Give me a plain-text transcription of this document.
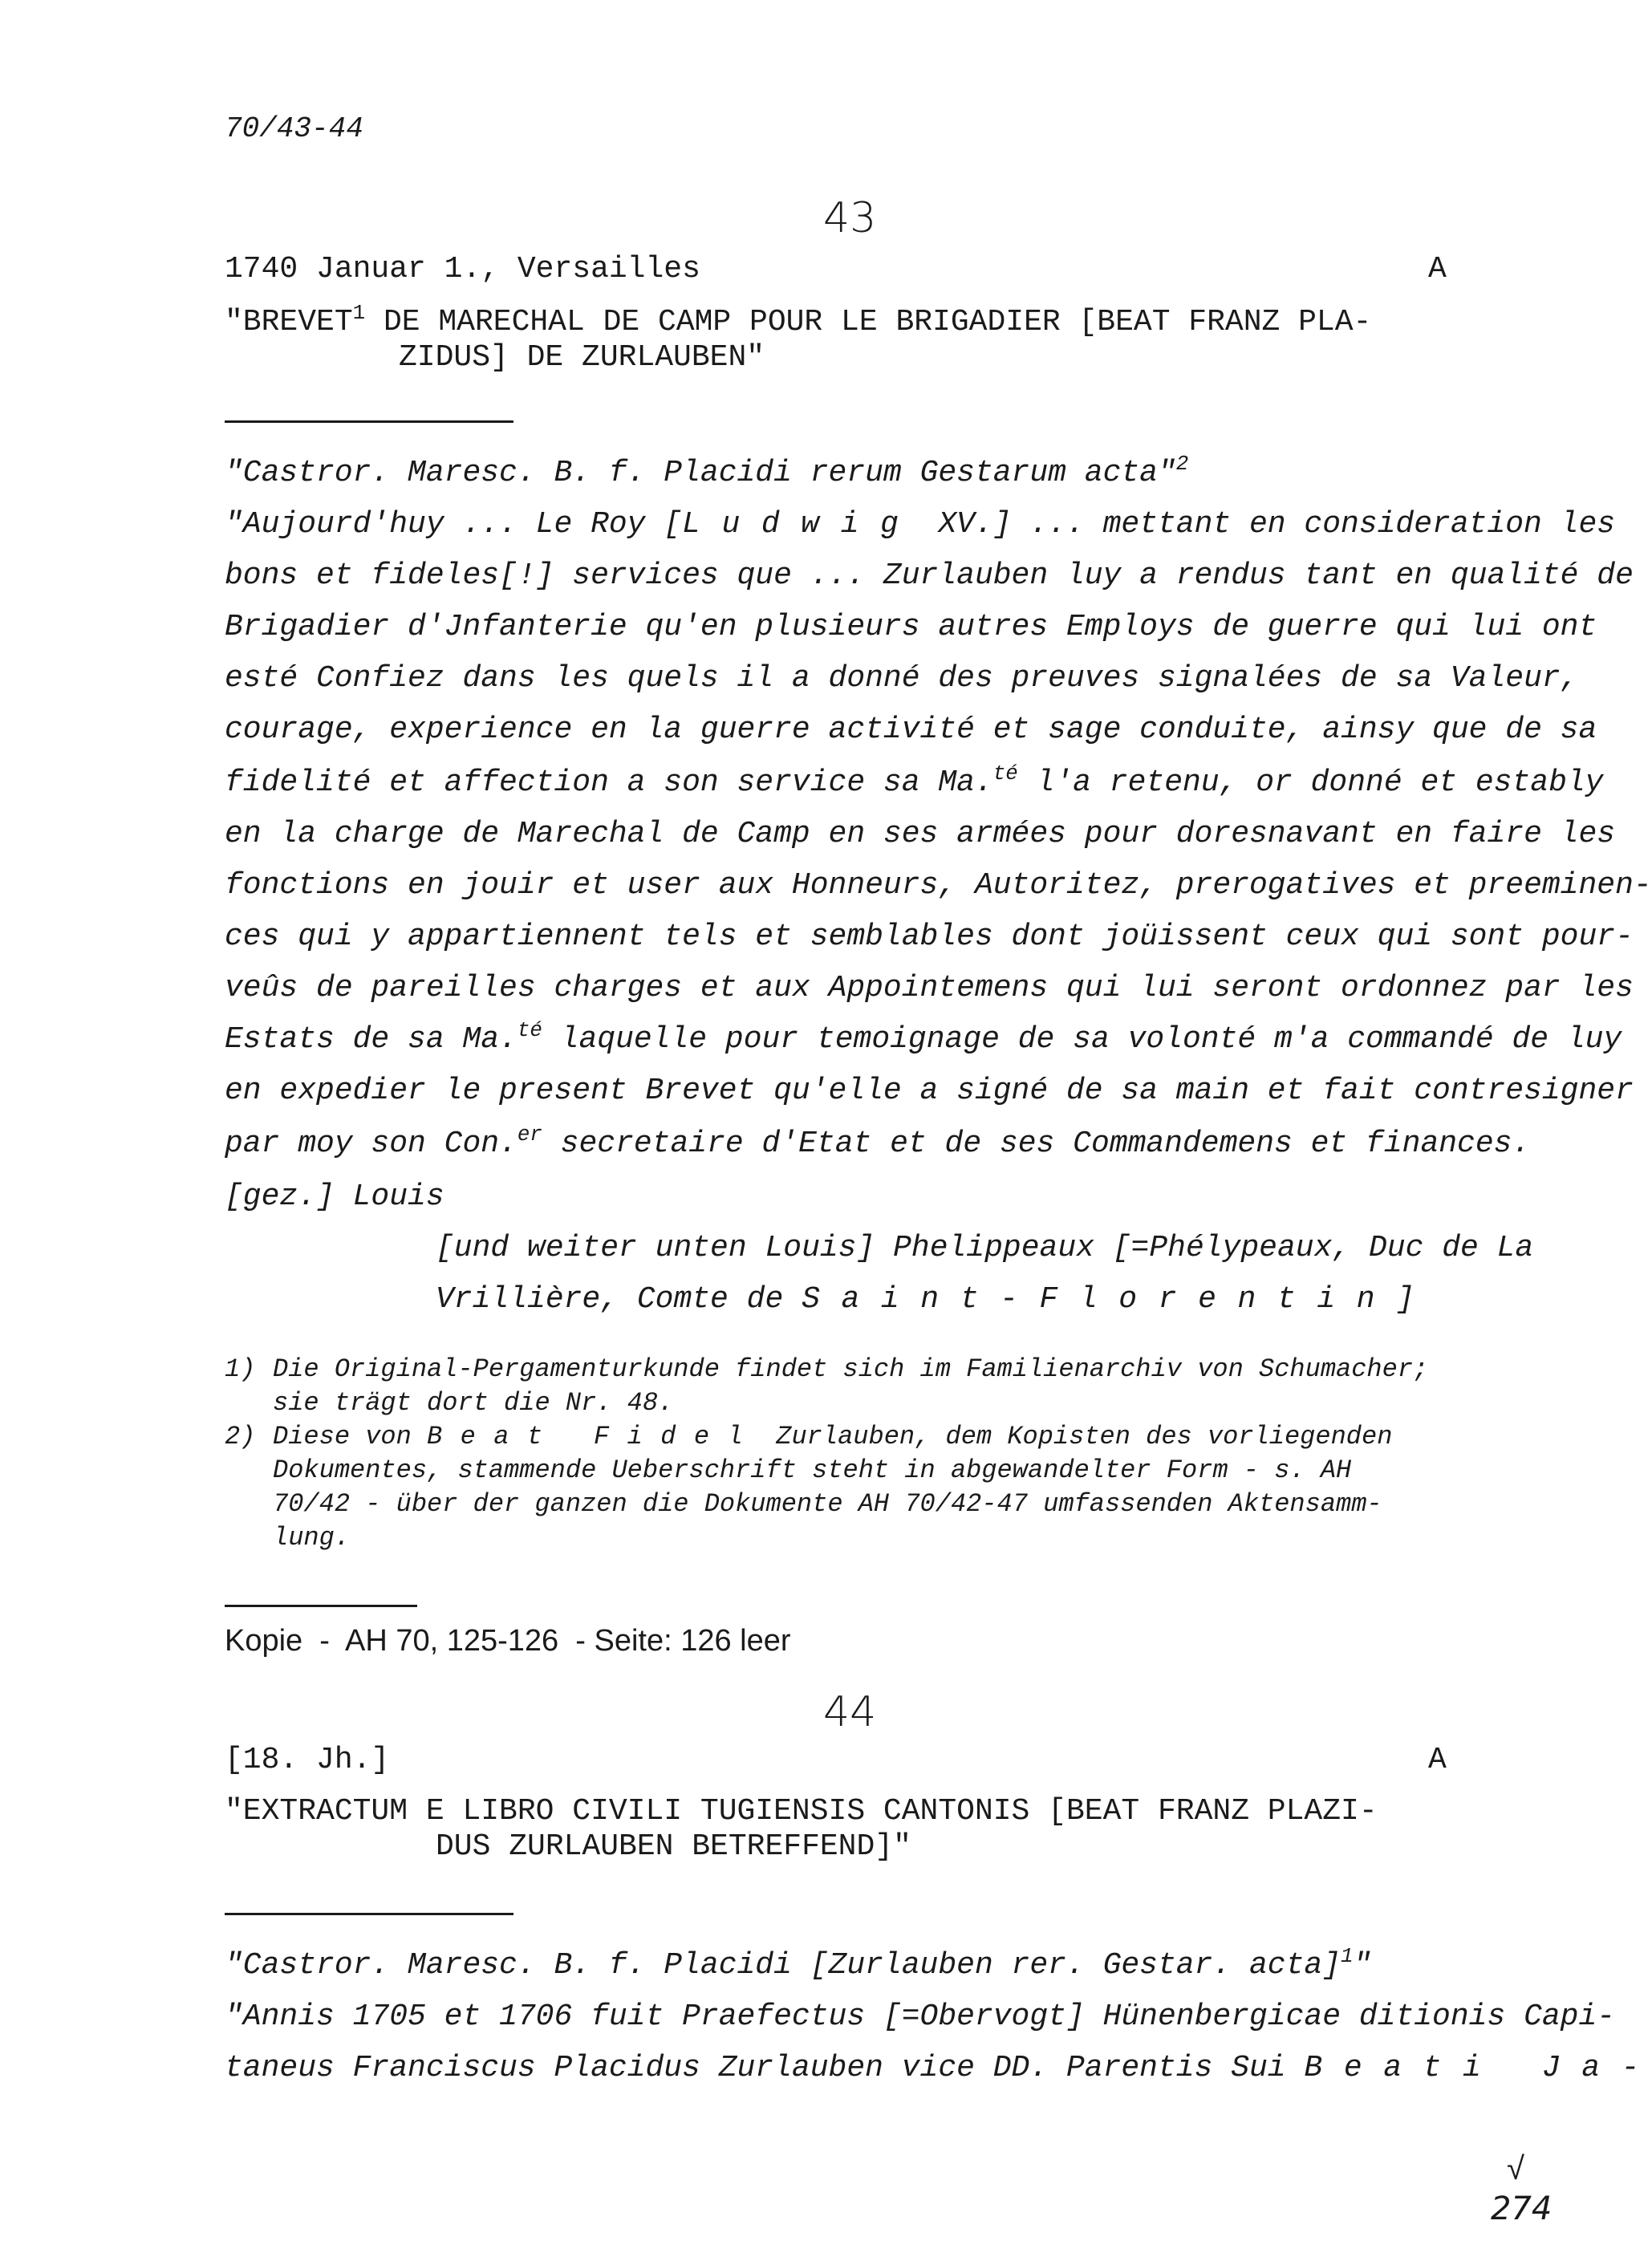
70/43-44
43
1740 Januar 1., Versailles	A
"BREVET$^1$ DE MARECHAL DE CAMP POUR LE BRIGADIER [BEAT FRANZ PLA-
ZIDUS] DE ZURLAUBEN"
"Castror. Maresc. B. f. Placidi rerum Gestarum acta"$^2$
"Aujourd'huy ... Le Roy [Ludwig XV.] ... mettant en consideration les
bons et fideles[!] services que ... Zurlauben luy a rendus tant en qualité de
Brigadier d'Jnfanterie qu'en plusieurs autres Employs de guerre qui lui ont
esté Confiez dans les quels il a donné des preuves signalées de sa Valeur,
courage, experience en la guerre activité et sage conduite, ainsy que de sa
fidelité et affection a son service sa Ma.$^{té}$ l'a retenu, or donné et estably
en la charge de Marechal de Camp en ses armées pour doresnavant en faire les
fonctions en jouir et user aux Honneurs, Autoritez, prerogatives et preeminen-
ces qui y appartiennent tels et semblables dont joüissent ceux qui sont pour-
veûs de pareilles charges et aux Appointemens qui lui seront ordonnez par les
Estats de sa Ma.$^{té}$ laquelle pour temoignage de sa volonté m'a commandé de luy
en expedier le present Brevet qu'elle a signé de sa main et fait contresigner
par moy son Con.$^{er}$ secretaire d'Etat et de ses Commandemens et finances.
[gez.] Louis
[und weiter unten Louis] Phelippeaux [=Phélypeaux, Duc de La
Vrillière, Comte de Saint-Florentin]
1) Die Original-Pergamenturkunde findet sich im Familienarchiv von Schumacher;
sie trägt dort die Nr. 48.
2) Diese von Beat Fidel Zurlauben, dem Kopisten des vorliegenden
Dokumentes, stammende Ueberschrift steht in abgewandelter Form - s. AH
70/42 - über der ganzen die Dokumente AH 70/42-47 umfassenden Aktensamm-
lung.
Kopie  -  AH 70, 125-126  - Seite: 126 leer
44
[18. Jh.]	A
"EXTRACTUM E LIBRO CIVILI TUGIENSIS CANTONIS [BEAT FRANZ PLAZI-
DUS ZURLAUBEN BETREFFEND]"
"Castror. Maresc. B. f. Placidi [Zurlauben rer. Gestar. acta]$^1$"
"Annis 1705 et 1706 fuit Praefectus [=Obervogt] Hünenbergicae ditionis Capi-
taneus Franciscus Placidus Zurlauben vice DD. Parentis Sui Beati Ja-
√
274
